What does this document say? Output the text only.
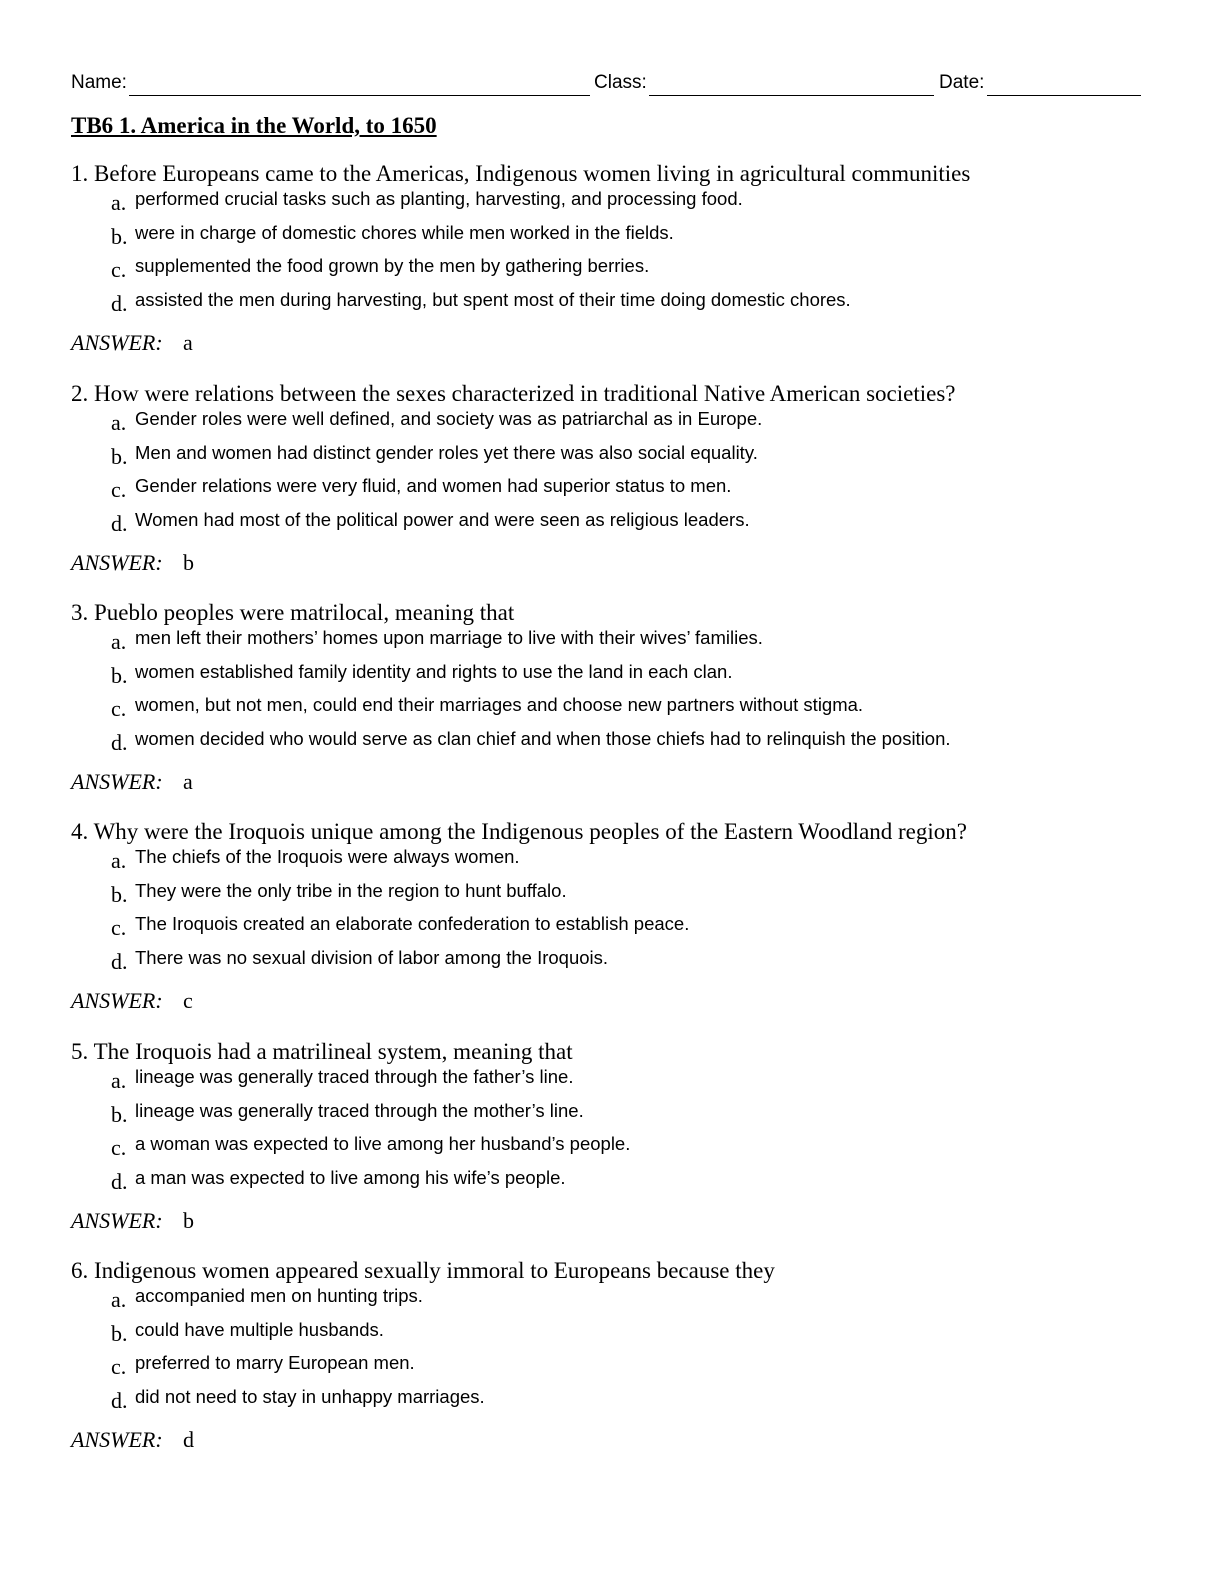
Name:	Class:	Date:
TB6 1. America in the World, to 1650
1. Before Europeans came to the Americas, Indigenous women living in agricultural communities
a. performed crucial tasks such as planting, harvesting, and processing food.
b. were in charge of domestic chores while men worked in the fields.
c. supplemented the food grown by the men by gathering berries.
d. assisted the men during harvesting, but spent most of their time doing domestic chores.
ANSWER: a
2. How were relations between the sexes characterized in traditional Native American societies?
a. Gender roles were well defined, and society was as patriarchal as in Europe.
b. Men and women had distinct gender roles yet there was also social equality.
c. Gender relations were very fluid, and women had superior status to men.
d. Women had most of the political power and were seen as religious leaders.
ANSWER: b
3. Pueblo peoples were matrilocal, meaning that
a. men left their mothers’ homes upon marriage to live with their wives’ families.
b. women established family identity and rights to use the land in each clan.
c. women, but not men, could end their marriages and choose new partners without stigma.
d. women decided who would serve as clan chief and when those chiefs had to relinquish the position.
ANSWER: a
4. Why were the Iroquois unique among the Indigenous peoples of the Eastern Woodland region?
a. The chiefs of the Iroquois were always women.
b. They were the only tribe in the region to hunt buffalo.
c. The Iroquois created an elaborate confederation to establish peace.
d. There was no sexual division of labor among the Iroquois.
ANSWER: c
5. The Iroquois had a matrilineal system, meaning that
a. lineage was generally traced through the father’s line.
b. lineage was generally traced through the mother’s line.
c. a woman was expected to live among her husband’s people.
d. a man was expected to live among his wife’s people.
ANSWER: b
6. Indigenous women appeared sexually immoral to Europeans because they
a. accompanied men on hunting trips.
b. could have multiple husbands.
c. preferred to marry European men.
d. did not need to stay in unhappy marriages.
ANSWER: d
